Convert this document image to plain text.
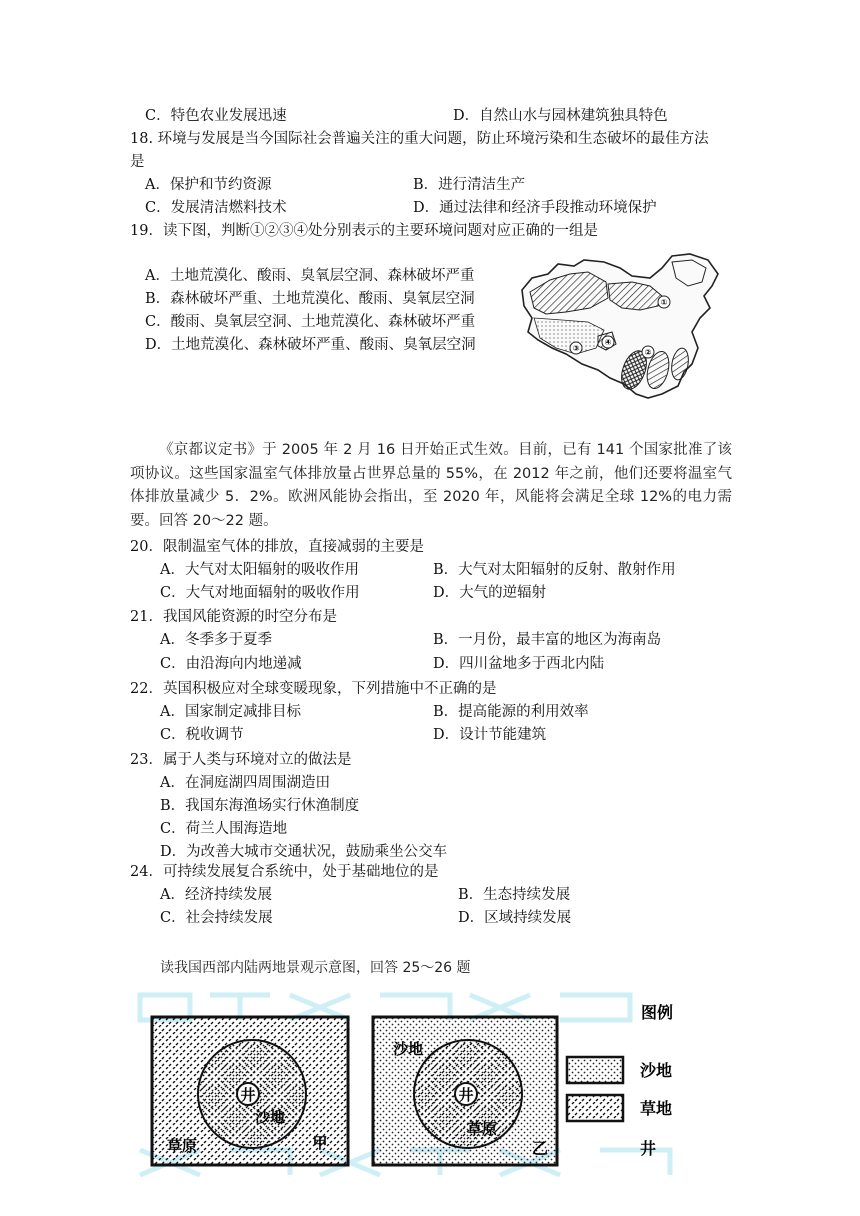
C．特色农业发展迅速	D．自然山水与园林建筑独具特色
18. 环境与发展是当今国际社会普遍关注的重大问题，防止环境污染和生态破坏的最佳方法
是
A．保护和节约资源	B．进行清洁生产
C．发展清洁燃料技术	D．通过法律和经济手段推动环境保护
19．读下图，判断①②③④处分别表示的主要环境问题对应正确的一组是
A．土地荒漠化、酸雨、臭氧层空洞、森林破坏严重
B．森林破坏严重、土地荒漠化、酸雨、臭氧层空洞
C．酸雨、臭氧层空洞、土地荒漠化、森林破坏严重
D．土地荒漠化、森林破坏严重、酸雨、臭氧层空洞
①
②
③
④
《京都议定书》于 2005 年 2 月 16 日开始正式生效。目前，已有 141 个国家批准了该项协议。这些国家温室气体排放量占世界总量的 55%，在 2012 年之前，他们还要将温室气体排放量减少 5．2%。欧洲风能协会指出，至 2020 年，风能将会满足全球 12%的电力需要。回答 20～22 题。
20．限制温室气体的排放，直接减弱的主要是
A．大气对太阳辐射的吸收作用	B．大气对太阳辐射的反射、散射作用
C．大气对地面辐射的吸收作用	D．大气的逆辐射
21．我国风能资源的时空分布是
A．冬季多于夏季	B．一月份，最丰富的地区为海南岛
C．由沿海向内地递减	D．四川盆地多于西北内陆
22．英国积极应对全球变暖现象，下列措施中不正确的是
A．国家制定减排目标	B．提高能源的利用效率
C．税收调节	D．设计节能建筑
23．属于人类与环境对立的做法是
A．在洞庭湖四周围湖造田
B．我国东海渔场实行休渔制度
C．荷兰人围海造地
D．为改善大城市交通状况，鼓励乘坐公交车
24．可持续发展复合系统中，处于基础地位的是
A．经济持续发展	B．生态持续发展
C．社会持续发展	D．区域持续发展
读我国西部内陆两地景观示意图，回答 25～26 题
井
沙地
草原	甲
井
草原
沙地
乙
图例
沙地
草地
井
